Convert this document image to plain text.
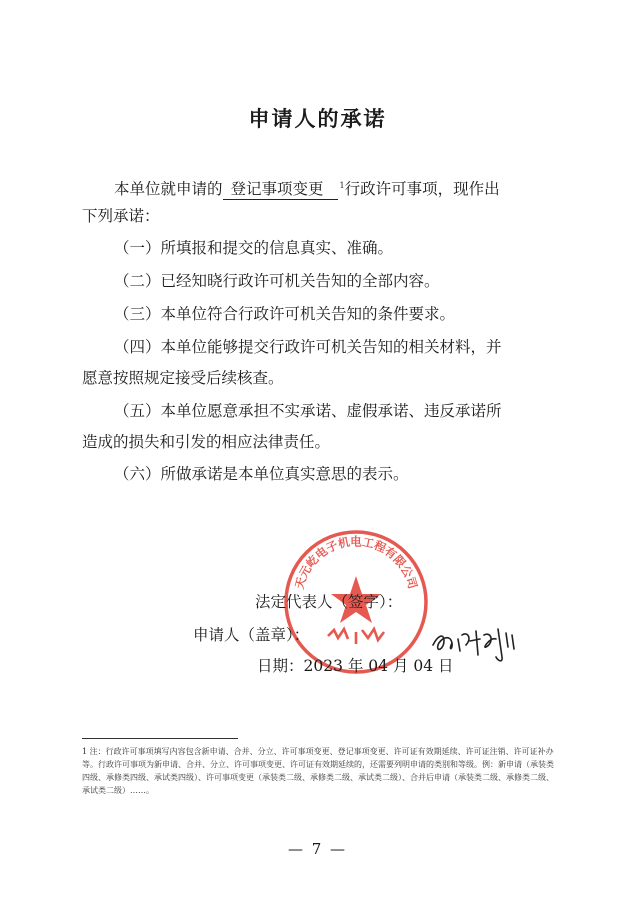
申请人的承诺
本单位就申请的 登记事项变更 $^1$行政许可事项，现作出
下列承诺：
（一）所填报和提交的信息真实、准确。
（二）已经知晓行政许可机关告知的全部内容。
（三）本单位符合行政许可机关告知的条件要求。
（四）本单位能够提交行政许可机关告知的相关材料，并
愿意按照规定接受后续核查。
（五）本单位愿意承担不实承诺、虚假承诺、违反承诺所
造成的损失和引发的相应法律责任。
（六）所做承诺是本单位真实意思的表示。
天元屹电子机电工程有限公司
法定代表人（签字）：
申请人（盖章）：
日期：2023 年 04 月 04 日
1 注：行政许可事项填写内容包含新申请、合并、分立、许可事项变更、登记事项变更、许可证有效期延续、许可证注销、许可证补办等。行政许可事项为新申请、合并、分立、许可事项变更、许可证有效期延续的，还需要列明申请的类别和等级。例：新申请（承装类四级、承修类四级、承试类四级）、许可事项变更（承装类二级、承修类二级、承试类二级）、合并后申请（承装类二级、承修类二级、承试类二级）……。
— 7 —
